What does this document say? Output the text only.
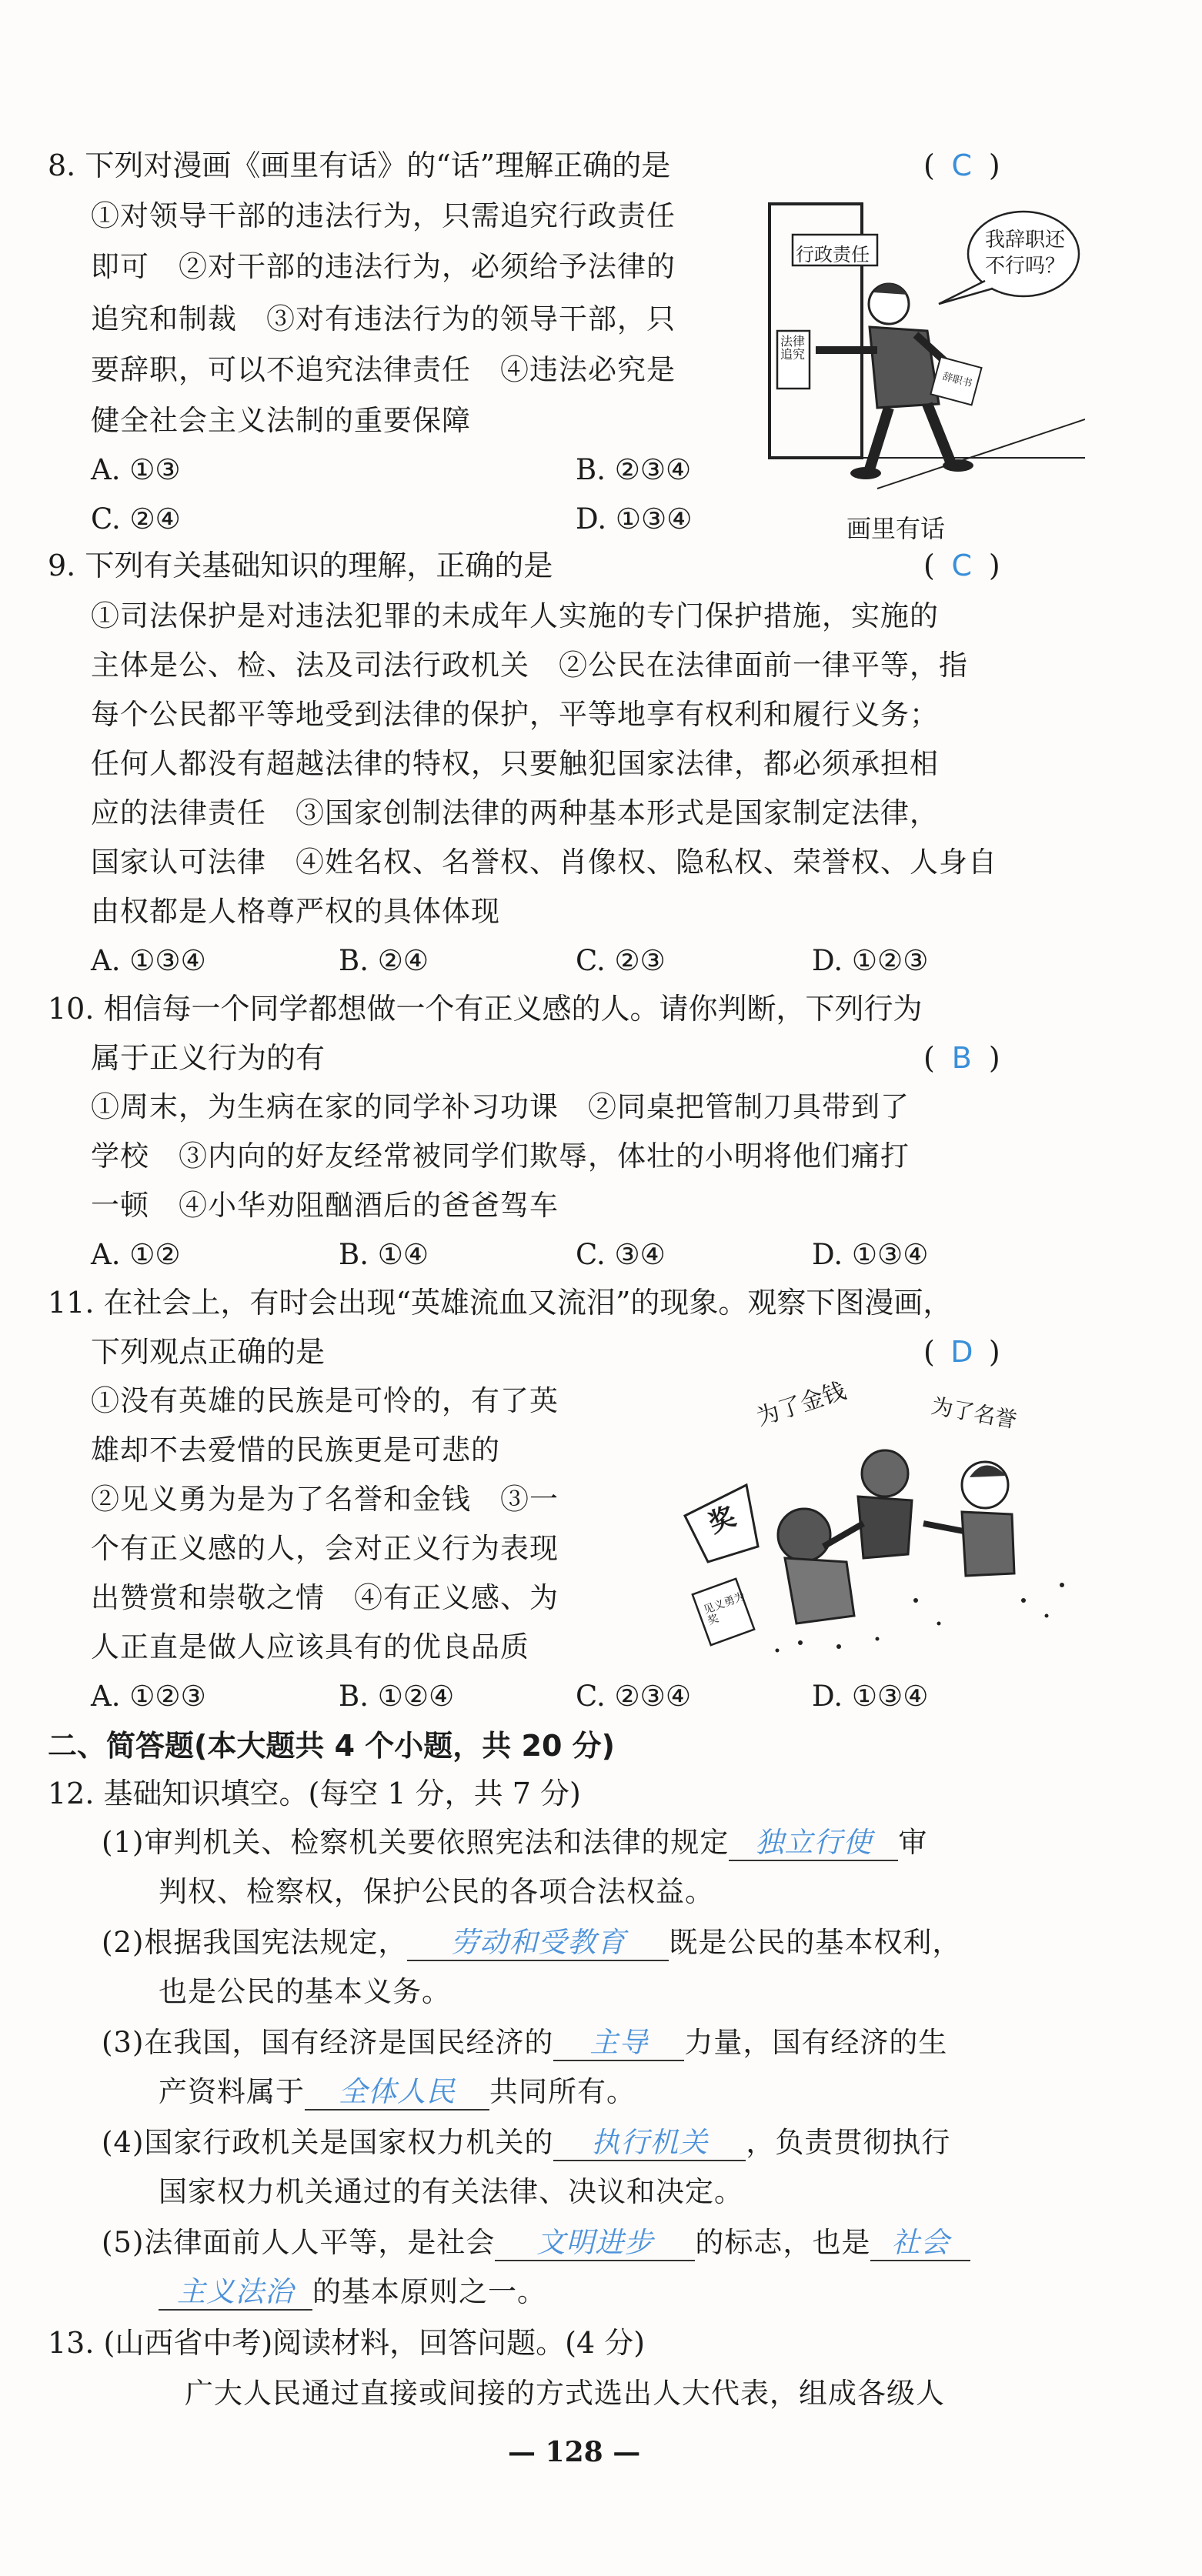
8. 下列对漫画《画里有话》的“话”理解正确的是	( C )
①对领导干部的违法行为，只需追究行政责任
即可　②对干部的违法行为，必须给予法律的
追究和制裁　③对有违法行为的领导干部，只
要辞职，可以不追究法律责任　④违法必究是
健全社会主义法制的重要保障
A. ①③	B. ②③④
C. ②④	D. ①③④
行政责任
我辞职还
不行吗？
法律追究
辞职书
画里有话
9. 下列有关基础知识的理解，正确的是	( C )
①司法保护是对违法犯罪的未成年人实施的专门保护措施，实施的
主体是公、检、法及司法行政机关　②公民在法律面前一律平等，指
每个公民都平等地受到法律的保护，平等地享有权利和履行义务；
任何人都没有超越法律的特权，只要触犯国家法律，都必须承担相
应的法律责任　③国家创制法律的两种基本形式是国家制定法律，
国家认可法律　④姓名权、名誉权、肖像权、隐私权、荣誉权、人身自
由权都是人格尊严权的具体体现
A. ①③④	B. ②④	C. ②③	D. ①②③
10. 相信每一个同学都想做一个有正义感的人。请你判断，下列行为
属于正义行为的有	( B )
①周末，为生病在家的同学补习功课　②同桌把管制刀具带到了
学校　③内向的好友经常被同学们欺辱，体壮的小明将他们痛打
一顿　④小华劝阻酗酒后的爸爸驾车
A. ①②	B. ①④	C. ③④	D. ①③④
11. 在社会上，有时会出现“英雄流血又流泪”的现象。观察下图漫画，
下列观点正确的是	( D )
①没有英雄的民族是可怜的，有了英
雄却不去爱惜的民族更是可悲的
②见义勇为是为了名誉和金钱　③一
个有正义感的人，会对正义行为表现
出赞赏和崇敬之情　④有正义感、为
人正直是做人应该具有的优良品质
为了金钱	为了名誉
奖
见义勇为奖
A. ①②③	B. ①②④	C. ②③④	D. ①③④
二、简答题(本大题共 4 个小题，共 20 分)
12. 基础知识填空。(每空 1 分，共 7 分)
(1)审判机关、检察机关要依照宪法和法律的规定 独立行使 审
判权、检察权，保护公民的各项合法权益。
(2)根据我国宪法规定， 劳动和受教育 既是公民的基本权利，
也是公民的基本义务。
(3)在我国，国有经济是国民经济的 主导 力量，国有经济的生
产资料属于 全体人民 共同所有。
(4)国家行政机关是国家权力机关的 执行机关 ，负责贯彻执行
国家权力机关通过的有关法律、决议和决定。
(5)法律面前人人平等，是社会 文明进步 的标志，也是 社会
主义法治 的基本原则之一。
13. (山西省中考)阅读材料，回答问题。(4 分)
广大人民通过直接或间接的方式选出人大代表，组成各级人
— 128 —
